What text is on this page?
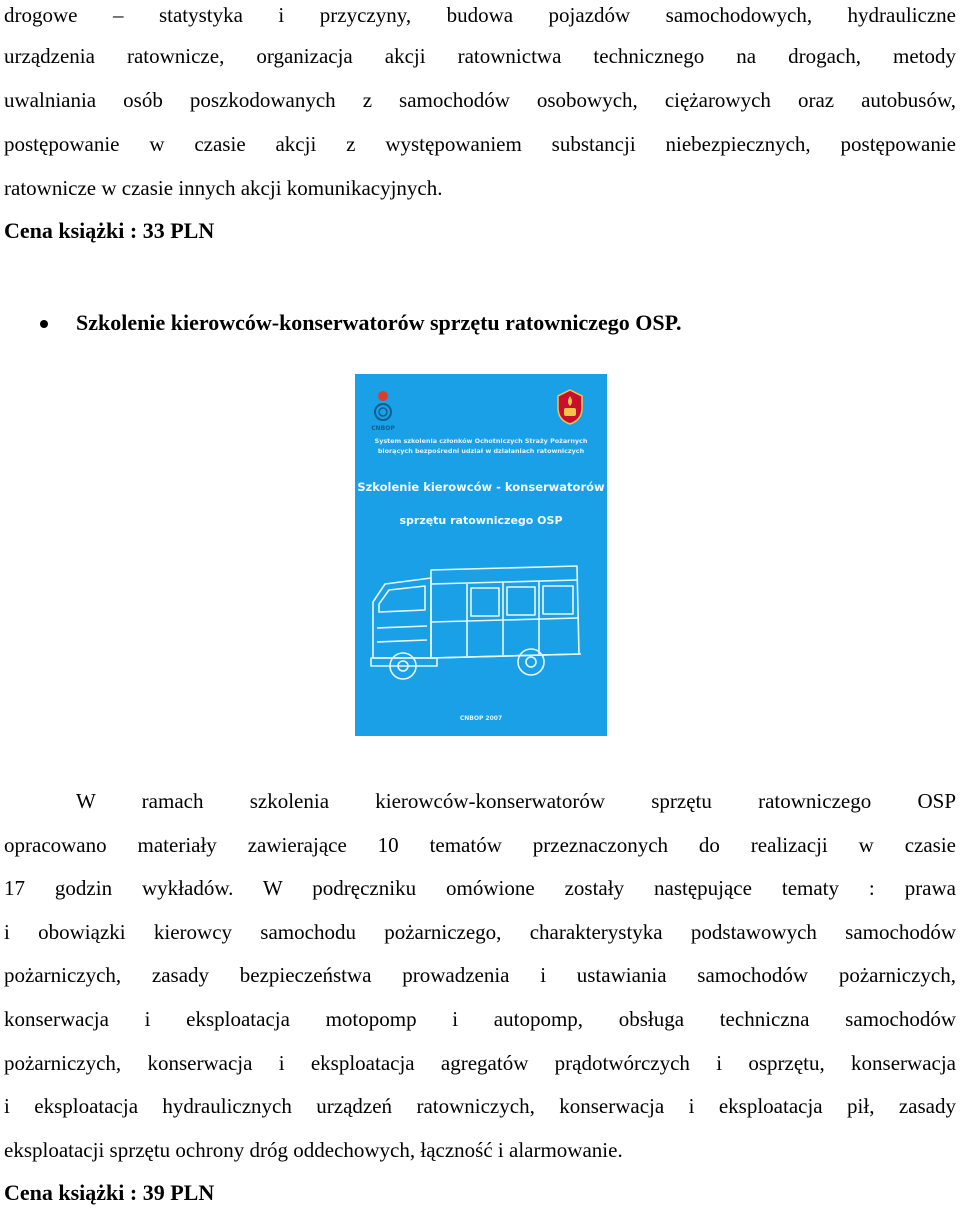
drogowe – statystyka i przyczyny, budowa pojazdów samochodowych, hydrauliczne
urządzenia ratownicze, organizacja akcji ratownictwa technicznego na drogach, metody
uwalniania osób poszkodowanych z samochodów osobowych, ciężarowych oraz autobusów,
postępowanie w czasie akcji z występowaniem substancji niebezpiecznych, postępowanie
ratownicze w czasie innych akcji komunikacyjnych.
Cena książki : 33 PLN
Szkolenie kierowców-konserwatorów sprzętu ratowniczego OSP.
CNBOP
System szkolenia członków Ochotniczych Straży Pożarnych
biorących bezpośredni udział w działaniach ratowniczych
Szkolenie kierowców - konserwatorów
sprzętu ratowniczego OSP
CNBOP 2007
W ramach szkolenia kierowców-konserwatorów sprzętu ratowniczego OSP
opracowano materiały zawierające 10 tematów przeznaczonych do realizacji w czasie
17 godzin wykładów. W podręczniku omówione zostały następujące tematy : prawa
i obowiązki kierowcy samochodu pożarniczego, charakterystyka podstawowych samochodów
pożarniczych, zasady bezpieczeństwa prowadzenia i ustawiania samochodów pożarniczych,
konserwacja i eksploatacja motopomp i autopomp, obsługa techniczna samochodów
pożarniczych, konserwacja i eksploatacja agregatów prądotwórczych i osprzętu, konserwacja
i eksploatacja hydraulicznych urządzeń ratowniczych, konserwacja i eksploatacja pił, zasady
eksploatacji sprzętu ochrony dróg oddechowych, łączność i alarmowanie.
Cena książki : 39 PLN
